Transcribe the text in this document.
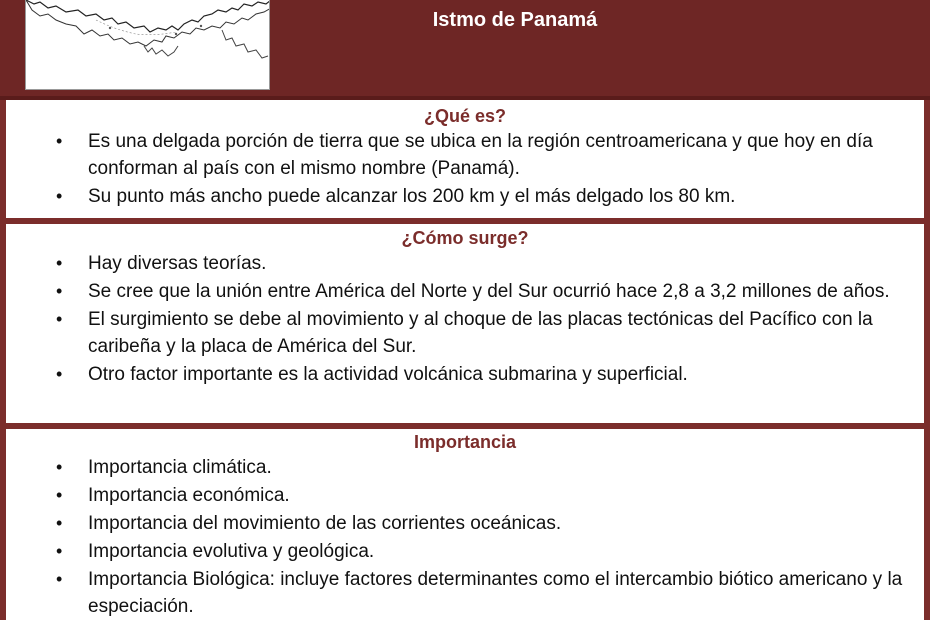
Istmo de Panamá
¿Qué es?
• Es una delgada porción de tierra que se ubica en la región centroamericana y que hoy en día conforman al país con el mismo nombre (Panamá).
• Su punto más ancho puede alcanzar los 200 km y el más delgado los 80 km.
¿Cómo surge?
• Hay diversas teorías.
• Se cree que la unión entre América del Norte y del Sur ocurrió hace 2,8 a 3,2 millones de años.
• El surgimiento se debe al movimiento y al choque de las placas tectónicas del Pacífico con la caribeña y la placa de América del Sur.
• Otro factor importante es la actividad volcánica submarina y superficial.
Importancia
• Importancia climática.
• Importancia económica.
• Importancia del movimiento de las corrientes oceánicas.
• Importancia evolutiva y geológica.
• Importancia Biológica: incluye factores determinantes como el intercambio biótico americano y la especiación.
